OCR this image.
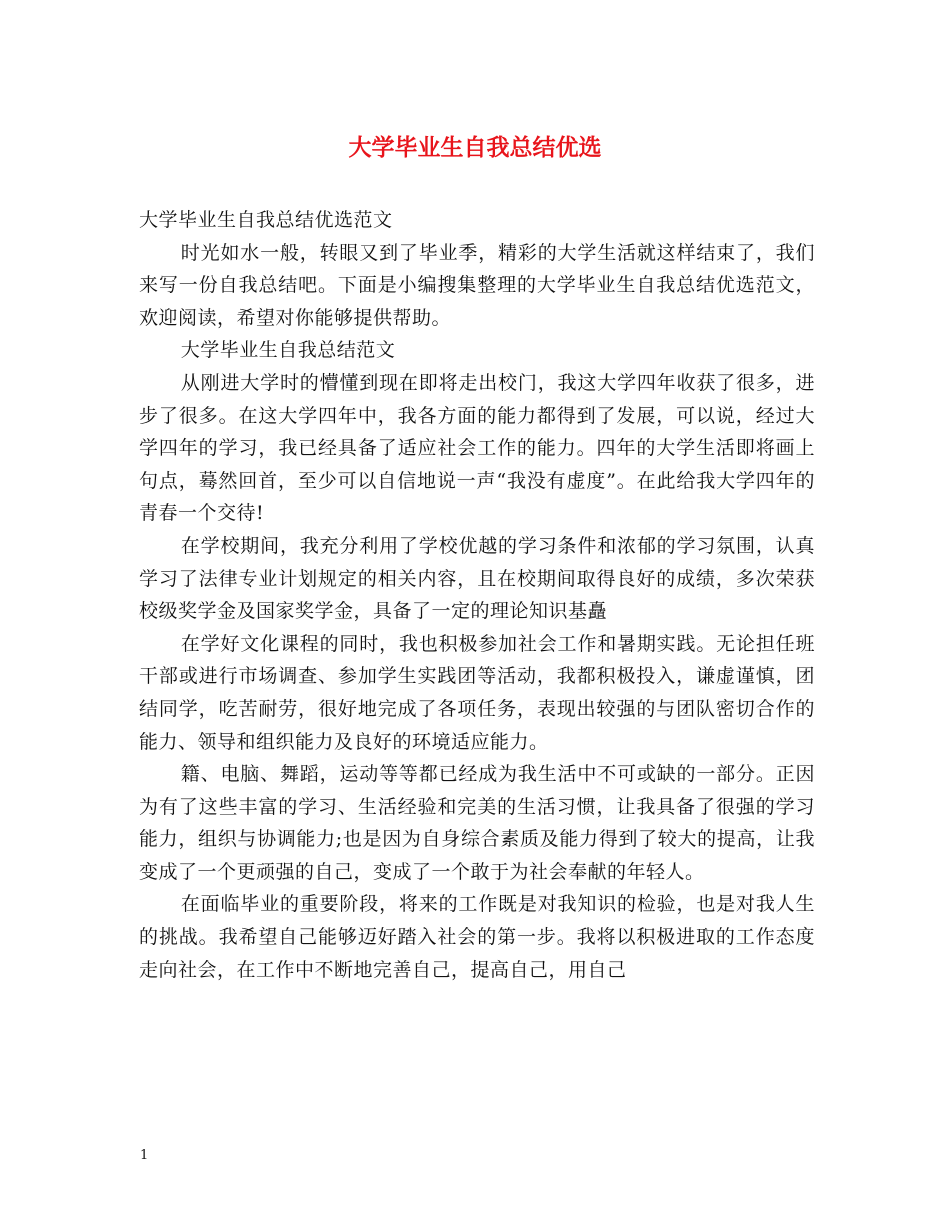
大学毕业生自我总结优选

大学毕业生自我总结优选范文

时光如水一般，转眼又到了毕业季，精彩的大学生活就这样结束了，我们来写一份自我总结吧。下面是小编搜集整理的大学毕业生自我总结优选范文，欢迎阅读，希望对你能够提供帮助。

大学毕业生自我总结范文

从刚进大学时的懵懂到现在即将走出校门，我这大学四年收获了很多，进步了很多。在这大学四年中，我各方面的能力都得到了发展，可以说，经过大学四年的学习，我已经具备了适应社会工作的能力。四年的大学生活即将画上句点，蓦然回首，至少可以自信地说一声“我没有虚度”。在此给我大学四年的青春一个交待!

在学校期间，我充分利用了学校优越的学习条件和浓郁的学习氛围，认真学习了法律专业计划规定的相关内容，且在校期间取得良好的成绩，多次荣获校级奖学金及国家奖学金，具备了一定的理论知识基矗

在学好文化课程的同时，我也积极参加社会工作和暑期实践。无论担任班干部或进行市场调查、参加学生实践团等活动，我都积极投入，谦虚谨慎，团结同学，吃苦耐劳，很好地完成了各项任务，表现出较强的与团队密切合作的能力、领导和组织能力及良好的环境适应能力。

籍、电脑、舞蹈，运动等等都已经成为我生活中不可或缺的一部分。正因为有了这些丰富的学习、生活经验和完美的生活习惯，让我具备了很强的学习能力，组织与协调能力;也是因为自身综合素质及能力得到了较大的提高，让我变成了一个更顽强的自己，变成了一个敢于为社会奉献的年轻人。

在面临毕业的重要阶段，将来的工作既是对我知识的检验，也是对我人生的挑战。我希望自己能够迈好踏入社会的第一步。我将以积极进取的工作态度走向社会，在工作中不断地完善自己，提高自己，用自己

1
